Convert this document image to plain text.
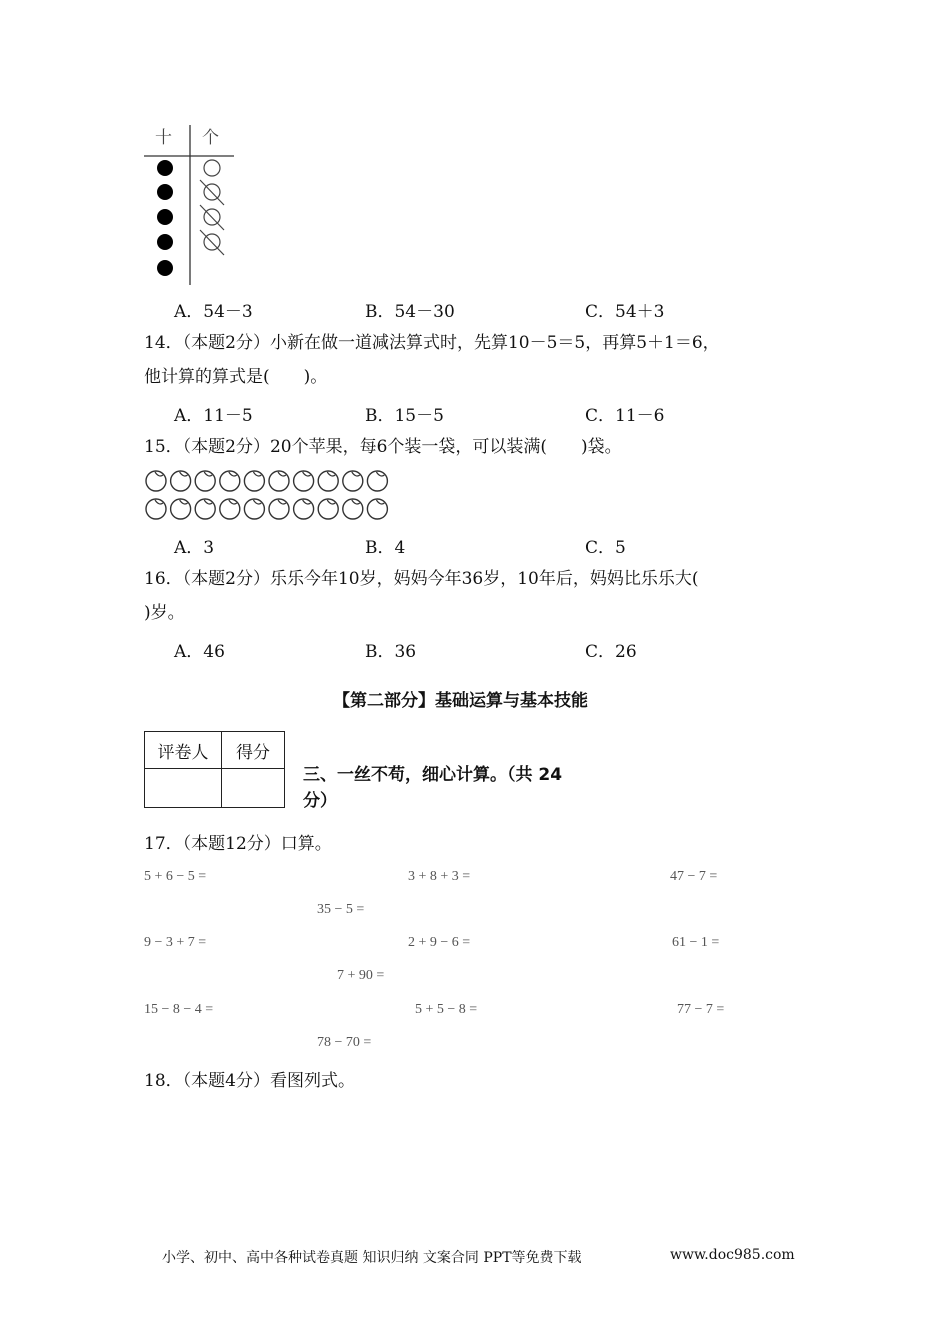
十 个
A．54－3	B．54－30	C．54＋3
14．（本题2分）小新在做一道减法算式时，先算10－5＝5，再算5＋1＝6，
他计算的算式是(　　)。
A．11－5	B．15－5	C．11－6
15．（本题2分）20个苹果，每6个装一袋，可以装满(　　)袋。
A．3	B．4	C．5
16．（本题2分）乐乐今年10岁，妈妈今年36岁，10年后，妈妈比乐乐大(
)岁。
A．46	B．36	C．26
【第二部分】基础运算与基本技能
评卷人	得分

三、一丝不苟，细心计算。（共 24
分）
17．（本题12分）口算。
5 + 6 − 5 =	3 + 8 + 3 =	47 − 7 =
35 − 5 =
9 − 3 + 7 =	2 + 9 − 6 =	61 − 1 =
7 + 90 =
15 − 8 − 4 =	5 + 5 − 8 =	77 − 7 =
78 − 70 =
18．（本题4分）看图列式。
小学、初中、高中各种试卷真题 知识归纳 文案合同 PPT等免费下载	www.doc985.com
